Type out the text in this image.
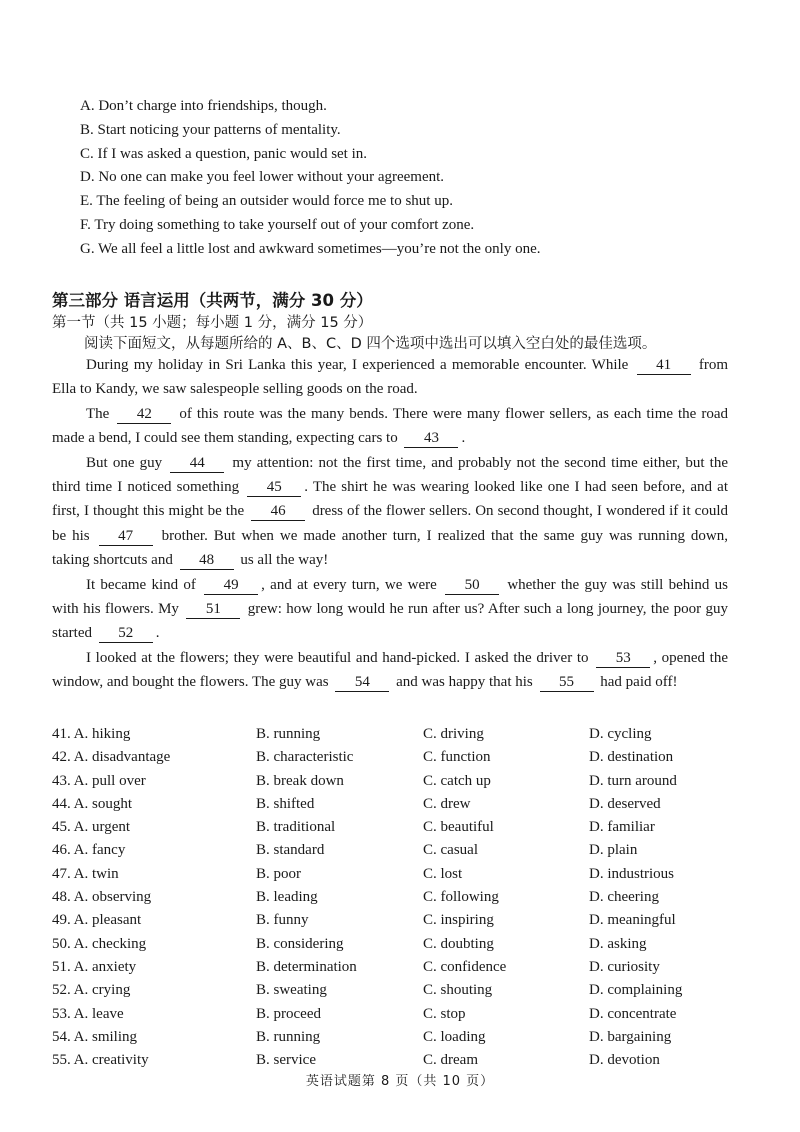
A. Don’t charge into friendships, though.
B. Start noticing your patterns of mentality.
C. If I was asked a question, panic would set in.
D. No one can make you feel lower without your agreement.
E. The feeling of being an outsider would force me to shut up.
F. Try doing something to take yourself out of your comfort zone.
G. We all feel a little lost and awkward sometimes—you’re not the only one.
第三部分 语言运用（共两节，满分 30 分）
第一节（共 15 小题；每小题 1 分，满分 15 分）
阅读下面短文，从每题所给的 A、B、C、D 四个选项中选出可以填入空白处的最佳选项。

During my holiday in Sri Lanka this year, I experienced a memorable encounter. While 41 from Ella to Kandy, we saw salespeople selling goods on the road.

The 42 of this route was the many bends. There were many flower sellers, as each time the road made a bend, I could see them standing, expecting cars to 43 .

But one guy 44 my attention: not the first time, and probably not the second time either, but the third time I noticed something 45 . The shirt he was wearing looked like one I had seen before, and at first, I thought this might be the 46 dress of the flower sellers. On second thought, I wondered if it could be his 47 brother. But when we made another turn, I realized that the same guy was running down, taking shortcuts and 48 us all the way!

It became kind of 49 , and at every turn, we were 50 whether the guy was still behind us with his flowers. My 51 grew: how long would he run after us? After such a long journey, the poor guy started 52 .

I looked at the flowers; they were beautiful and hand-picked. I asked the driver to 53 , opened the window, and bought the flowers. The guy was 54 and was happy that his 55 had paid off!

41. A. hiking	B. running	C. driving	D. cycling
42. A. disadvantage	B. characteristic	C. function	D. destination
43. A. pull over	B. break down	C. catch up	D. turn around
44. A. sought	B. shifted	C. drew	D. deserved
45. A. urgent	B. traditional	C. beautiful	D. familiar
46. A. fancy	B. standard	C. casual	D. plain
47. A. twin	B. poor	C. lost	D. industrious
48. A. observing	B. leading	C. following	D. cheering
49. A. pleasant	B. funny	C. inspiring	D. meaningful
50. A. checking	B. considering	C. doubting	D. asking
51. A. anxiety	B. determination	C. confidence	D. curiosity
52. A. crying	B. sweating	C. shouting	D. complaining
53. A. leave	B. proceed	C. stop	D. concentrate
54. A. smiling	B. running	C. loading	D. bargaining
55. A. creativity	B. service	C. dream	D. devotion
英语试题第 8 页（共 10 页）
